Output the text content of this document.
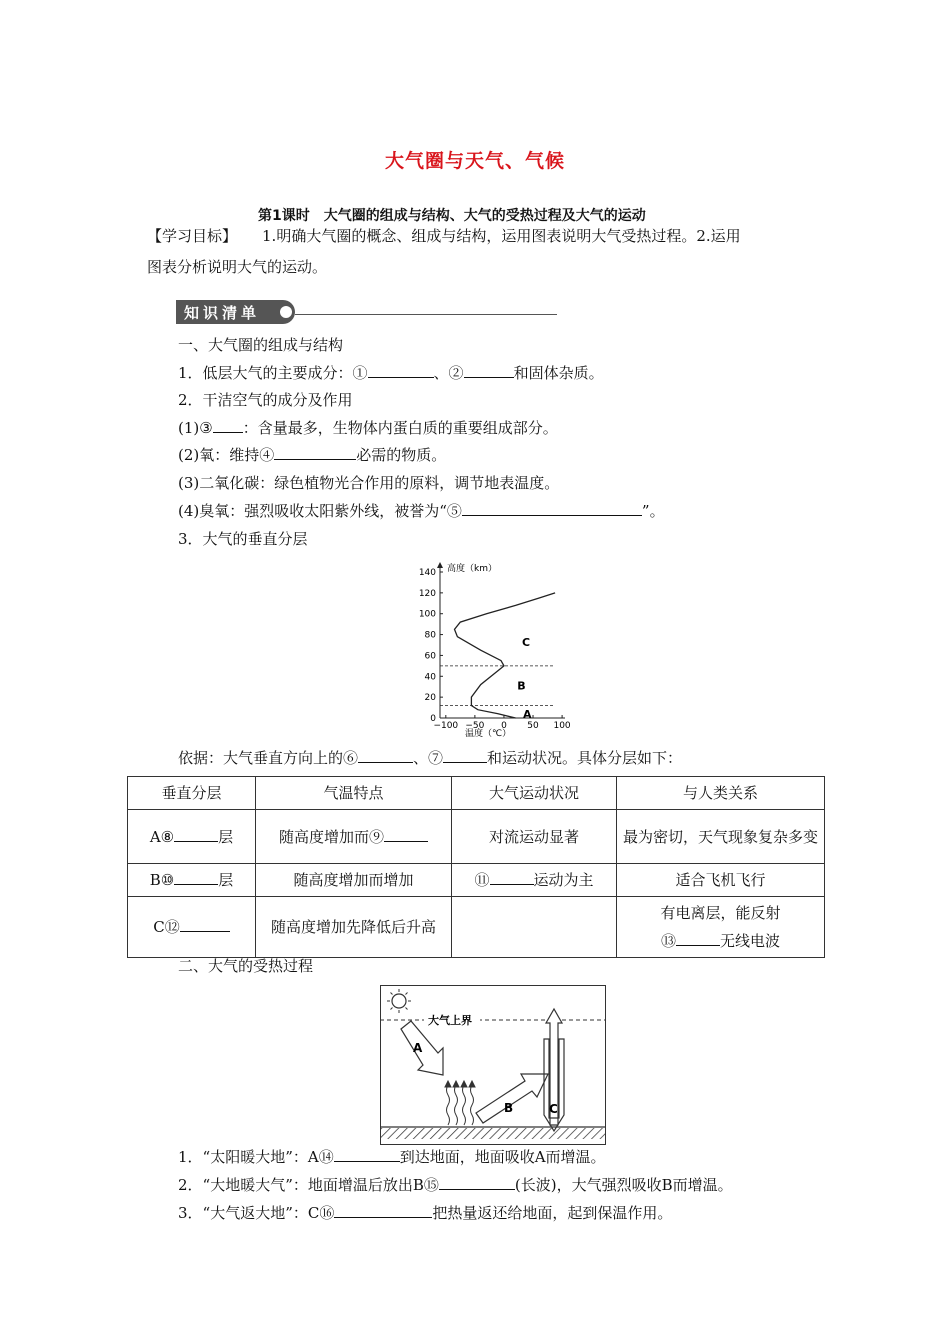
大气圈与天气、气候
第1课时　大气圈的组成与结构、大气的受热过程及大气的运动
【学习目标】 1.明确大气圈的概念、组成与结构，运用图表说明大气受热过程。2.运用
图表分析说明大气的运动。
知识清单
一、大气圈的组成与结构
1．低层大气的主要成分：①	、②	和固体杂质。
2．干洁空气的成分及作用
(1)③ ：含量最多，生物体内蛋白质的重要组成部分。
(2)氧：维持④	必需的物质。
(3)二氧化碳：绿色植物光合作用的原料，调节地表温度。
(4)臭氧：强烈吸收太阳紫外线，被誉为“⑤	”。
3．大气的垂直分层
0
20
40
60
80
100
120
140
−100 −50 0 50 100
A
B
C
高度（km）
温度（℃）
依据：大气垂直方向上的⑥	、⑦	和运动状况。具体分层如下：
垂直分层	气温特点	大气运动状况	与人类关系
A⑧ 层	随高度增加而⑨	对流运动显著	最为密切，天气现象复杂多变
B⑩ 层	随高度增加而增加	⑪ 运动为主	适合飞机飞行
C⑫	随高度增加先降低后升高		有电离层，能反射
⑬ 无线电波
二、大气的受热过程
大气上界
A
B	C
1．“太阳暖大地”：A⑭	到达地面，地面吸收A而增温。
2．“大地暖大气”：地面增温后放出B⑮	(长波)，大气强烈吸收B而增温。
3．“大气返大地”：C⑯	把热量返还给地面，起到保温作用。
